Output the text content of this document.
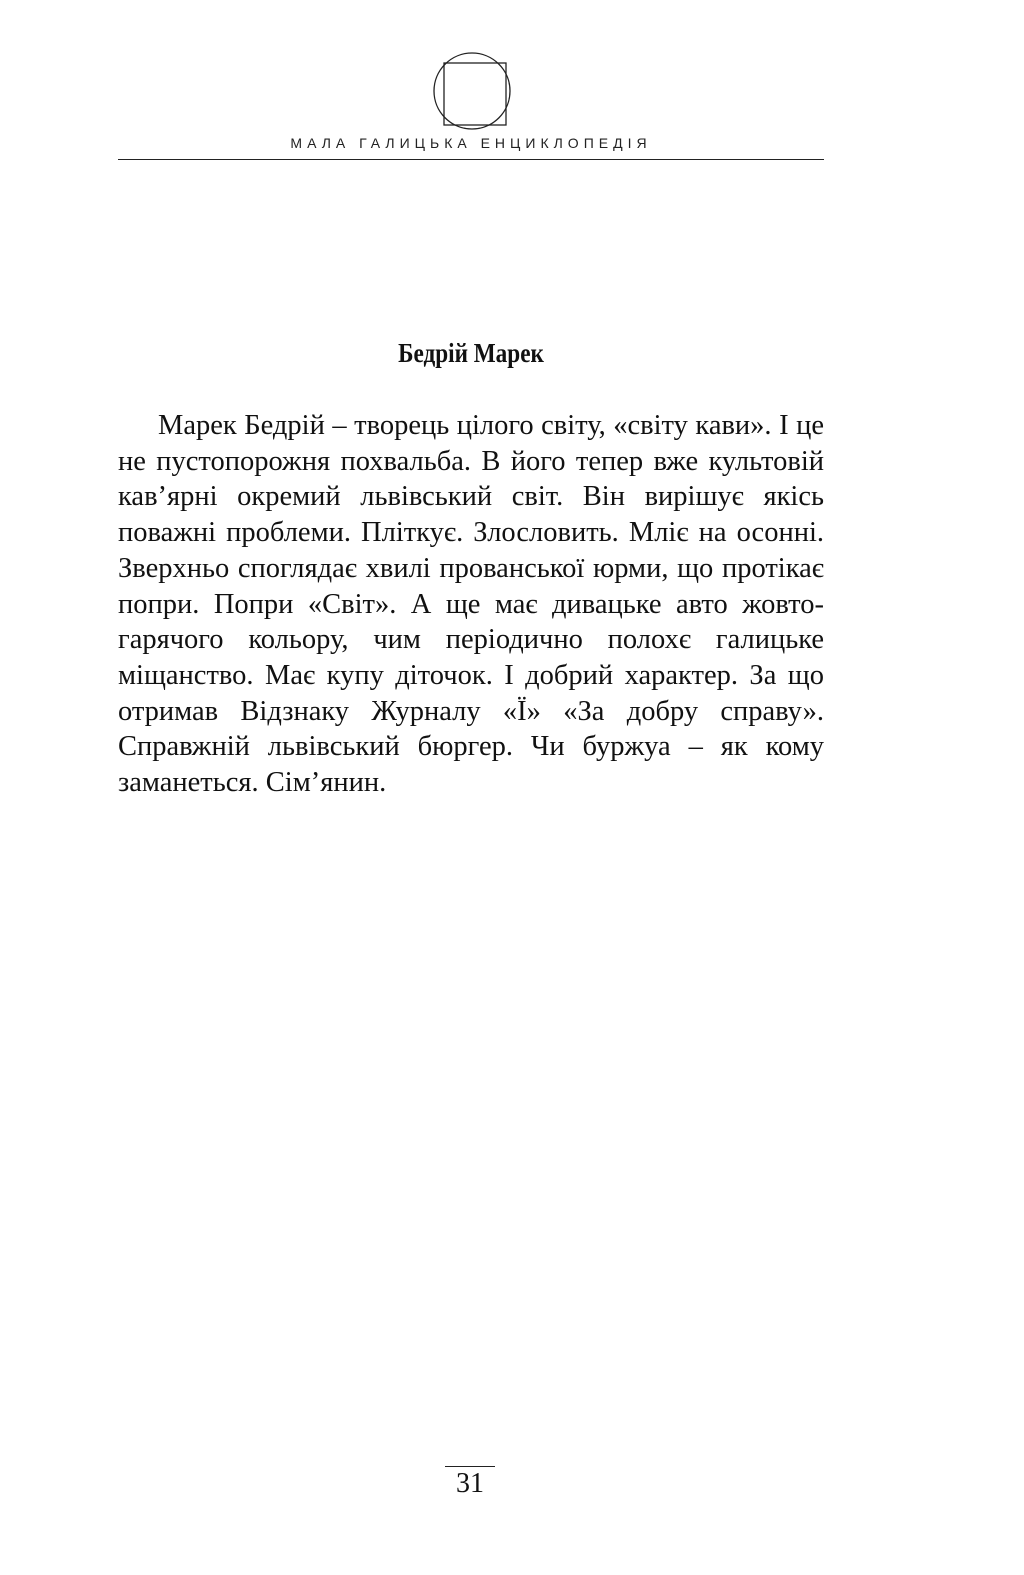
МАЛА ГАЛИЦЬКА ЕНЦИКЛОПЕДІЯ
Бедрій Марек

Марек Бедрій – творець цілого світу, «світу кави». І це не пустопорожня похвальба. В його тепер вже культовій кав’ярні окремий львівський світ. Він вирішує якісь поважні проблеми. Пліткує. Злословить. Млiє на осонні. Зверхньо споглядає хвилі прованської юрми, що протікає попри. Попри «Світ». А ще має дивацьке авто жовто-гарячого кольору, чим періодично полохє галицьке міщанство. Має купу діточок. І добрий характер. За що отримав Відзнаку Журналу «Ї» «За добру справу». Справжній львівський бюргер. Чи буржуа – як кому заманеться. Сім’янин.

31
